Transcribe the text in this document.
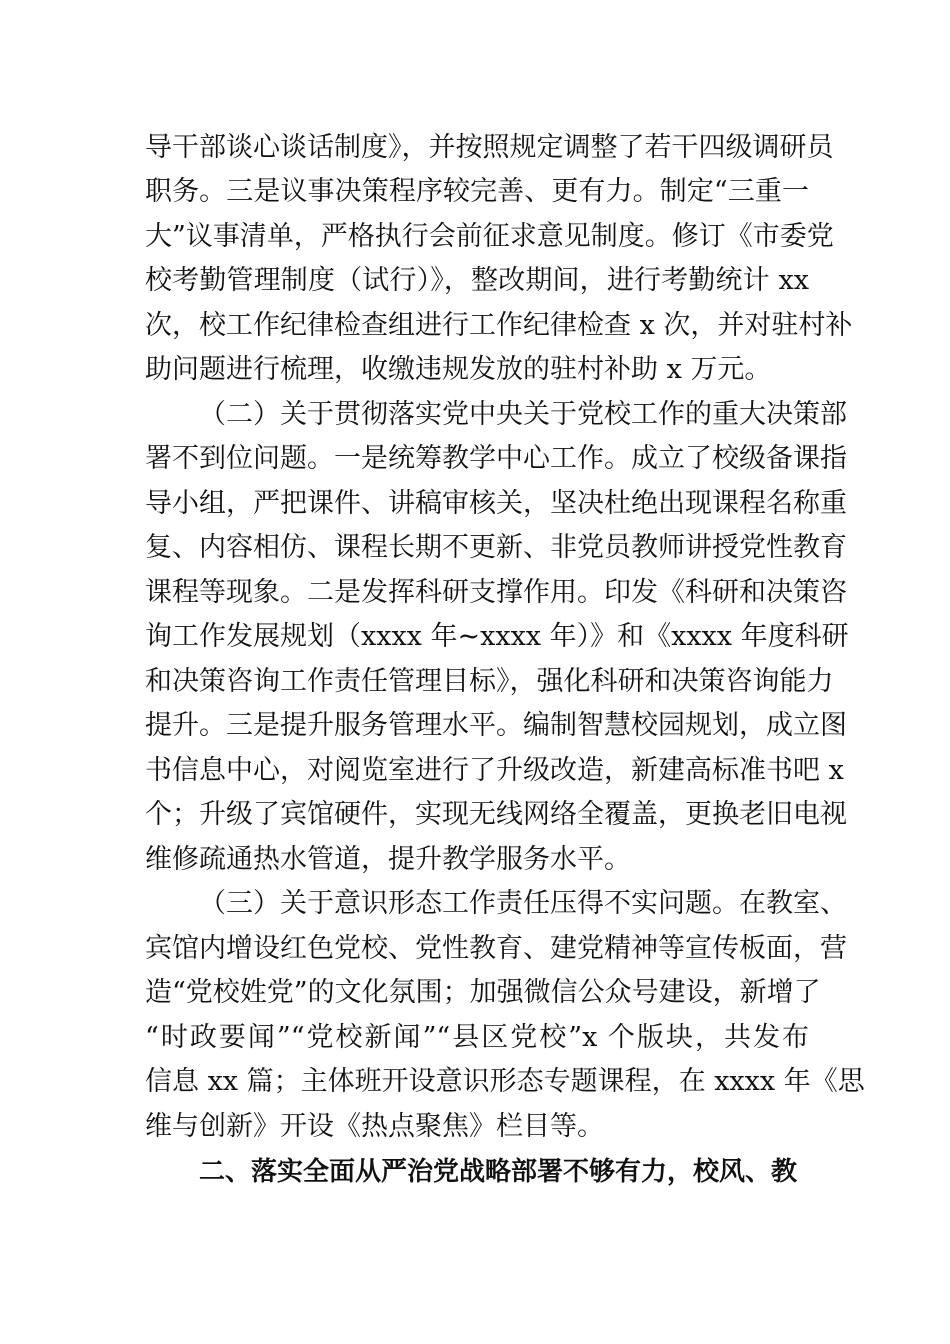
导干部谈心谈话制度》，并按照规定调整了若干四级调研员
职务。三是议事决策程序较完善、更有力。制定“三重一
大”议事清单，严格执行会前征求意见制度。修订《市委党
校考勤管理制度（试行）》，整改期间，进行考勤统计 xx
次，校工作纪律检查组进行工作纪律检查 x 次，并对驻村补
助问题进行梳理，收缴违规发放的驻村补助 x 万元。
（二）关于贯彻落实党中央关于党校工作的重大决策部
署不到位问题。一是统筹教学中心工作。成立了校级备课指
导小组，严把课件、讲稿审核关，坚决杜绝出现课程名称重
复、内容相仿、课程长期不更新、非党员教师讲授党性教育
课程等现象。二是发挥科研支撑作用。印发《科研和决策咨
询工作发展规划（xxxx 年~xxxx 年）》和《xxxx 年度科研
和决策咨询工作责任管理目标》，强化科研和决策咨询能力
提升。三是提升服务管理水平。编制智慧校园规划，成立图
书信息中心，对阅览室进行了升级改造，新建高标准书吧 x
个；升级了宾馆硬件，实现无线网络全覆盖，更换老旧电视
维修疏通热水管道，提升教学服务水平。
（三）关于意识形态工作责任压得不实问题。在教室、
宾馆内增设红色党校、党性教育、建党精神等宣传板面，营
造“党校姓党”的文化氛围；加强微信公众号建设，新增了
“时政要闻”“党校新闻”“县区党校”x 个版块，共发布
信息 xx 篇；主体班开设意识形态专题课程，在 xxxx 年《思
维与创新》开设《热点聚焦》栏目等。
二、落实全面从严治党战略部署不够有力，校风、教
